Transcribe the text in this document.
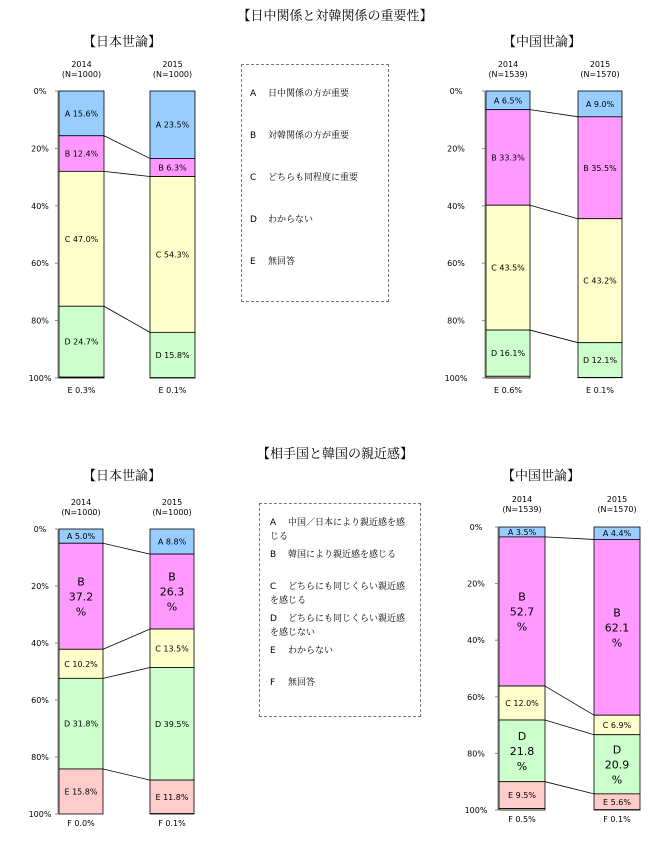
【日中関係と対韓関係の重要性】
【相手国と韓国の親近感】
A 日中関係の方が重要
B 対韓関係の方が重要
C どちらも同程度に重要
D わからない
E 無回答
A 中国／日本により親近感を感じる
B 韓国により親近感を感じる
C どちらにも同じくらい親近感を感じる
D どちらにも同じくらい親近感を感じない
E わからない
F 無回答
【日本世論】
0%
20%
40%
60%
80%
100%
2014
(N=1000)
A 15.6%
B 12.4%
C 47.0%
D 24.7%
E 0.3%
2015
(N=1000)
A 23.5%
B 6.3%
C 54.3%
D 15.8%
E 0.1%
【中国世論】
0%
20%
40%
60%
80%
100%
2014
(N=1539)
A 6.5%
B 33.3%
C 43.5%
D 16.1%
E 0.6%
2015
(N=1570)
A 9.0%
B 35.5%
C 43.2%
D 12.1%
E 0.1%
【日本世論】
0%
20%
40%
60%
80%
100%
2014
(N=1000)
A 5.0%
B
37.2
%
C 10.2%
D 31.8%
E 15.8%
F 0.0%
2015
(N=1000)
A 8.8%
B
26.3
%
C 13.5%
D 39.5%
E 11.8%
F 0.1%
【中国世論】
0%
20%
40%
60%
80%
100%
2014
(N=1539)
A 3.5%
B
52.7
%
C 12.0%
D
21.8
%
E 9.5%
F 0.5%
2015
(N=1570)
A 4.4%
B
62.1
%
C 6.9%
D
20.9
%
E 5.6%
F 0.1%
